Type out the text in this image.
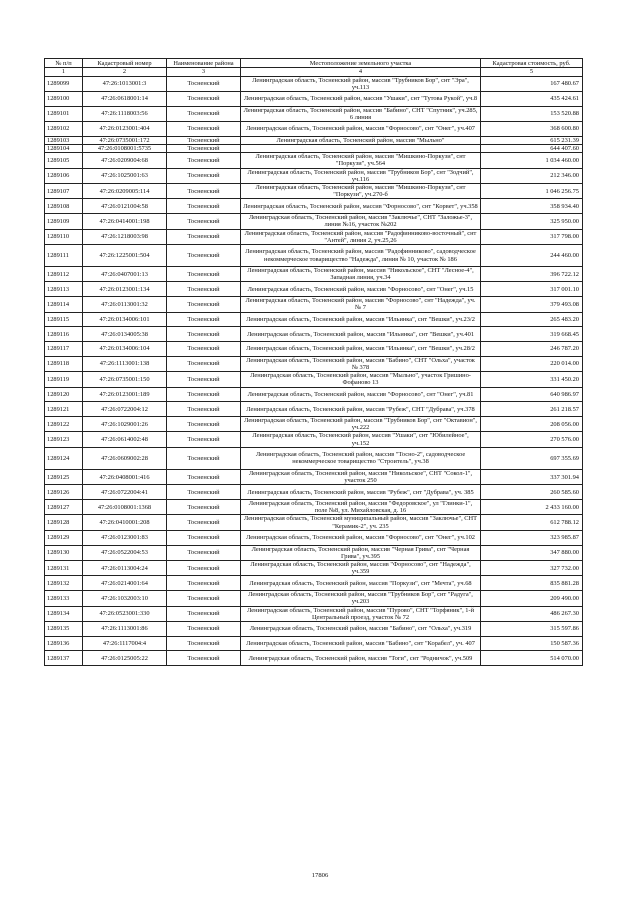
№ п/п	Кадастровый номер	Наименование района	Местоположение земельного участка	Кадастровая стоимость, руб.
1	2	3	4	5
1289099	47:26:1013001:3	Тосненский	Ленинградская область, Тосненский район, массив "Трубников Бор", снт "Эра", уч.113	167 480.67
1289100	47:26:0618001:14	Тосненский	Ленинградская область, Тосненский район, массив "Ушаки", снт "Тутова Рукой", уч.8	435 424.61
1289101	47:26:1118003:56	Тосненский	Ленинградская область, Тосненский район, массив "Бабино", СНТ "Спутник", уч.285, 6 линия	153 520.88
1289102	47:26:0123001:404	Тосненский	Ленинградская область, Тосненский район, массив "Форносово", снт "Онег", уч.407	368 600.80
1289103	47:26:0735001:172	Тосненский	Ленинградская область, Тосненский район, массив "Мыльно"	615 231.39
1289104	47:26:0108001:5735	Тосненский		644 407.60
1289105	47:26:0209004:68	Тосненский	Ленинградская область, Тосненский район, массив "Мишкино-Поркузи", снт "Поркузи", уч.564	1 034 460.00
1289106	47:26:1025001:63	Тосненский	Ленинградская область, Тосненский район, массив "Трубников Бор", снт "Зодчий", уч.116	212 346.00
1289107	47:26:0209005:114	Тосненский	Ленинградская область, Тосненский район, массив "Мишкино-Поркузи", снт "Поркузи", уч.270-б	1 046 256.75
1289108	47:26:0121004:58	Тосненский	Ленинградская область, Тосненский район, массив "Форносово", снт "Корвет", уч.358	358 934.40
1289109	47:26:0414001:198	Тосненский	Ленинградская область, Тосненский район, массив "Заключье", СНТ "Заложье-3", линия №16, участок №202	325 950.00
1289110	47:26:1218003:98	Тосненский	Ленинградская область, Тосненский район, массив "Радофинниково-восточный", снт "Антей", линия 2, уч.25,26	317 798.00
1289111	47:26:1225001:504	Тосненский	Ленинградская область, Тосненский район, массив "Радофинниково", садоводческое некоммерческое товарищество "Надежда", линия № 10, участок № 186	244 460.00
1289112	47:26:0407001:13	Тосненский	Ленинградская область, Тосненский район, массив "Никольское", СНТ "Лесное-4", Западная линия, уч.34	396 722.12
1289113	47:26:0123001:134	Тосненский	Ленинградская область, Тосненский район, массив "Форносово", снт "Онег", уч.15	317 001.10
1289114	47:26:0113001:32	Тосненский	Ленинградская область, Тосненский район, массив "Форносово", снт "Надежда", уч. № 7	379 493.08
1289115	47:26:0134006:101	Тосненский	Ленинградская область, Тосненский район, массив "Ильинка", снт "Вешки", уч.23/2	265 483.20
1289116	47:26:0134005:38	Тосненский	Ленинградская область, Тосненский район, массив "Ильинка", снт "Вешки", уч.401	319 668.45
1289117	47:26:0134006:104	Тосненский	Ленинградская область, Тосненский район, массив "Ильинка", снт "Вешки", уч.28/2	246 787.20
1289118	47:26:1113001:138	Тосненский	Ленинградская область, Тосненский район, массив "Бабино", СНТ "Ольха", участок № 378	220 014.00
1289119	47:26:0735001:150	Тосненский	Ленинградская область, Тосненский район, массив "Мыльно", участок Гришино-Фофаново 13	331 450.20
1289120	47:26:0123001:189	Тосненский	Ленинградская область, Тосненский район, массив "Форносово", снт "Онег", уч.81	640 986.97
1289121	47:26:0722004:12	Тосненский	Ленинградская область, Тосненский район, массив "Рубеж", СНТ "Дубрава", уч.378	261 218.57
1289122	47:26:1029001:26	Тосненский	Ленинградская область, Тосненский район, массив "Трубников Бор", снт "Октавион", уч.222	208 056.00
1289123	47:26:0614002:48	Тосненский	Ленинградская область, Тосненский район, массив "Ушаки", снт "Юбилейное", уч.152	270 576.00
1289124	47:26:0609002:28	Тосненский	Ленинградская область, Тосненский район, массив "Тосно-2", садоводческое некоммерческое товарищество "Строитель", уч.38	697 355.69
1289125	47:26:0408001:416	Тосненский	Ленинградская область, Тосненский район, массив "Никольское", СНТ "Сокол-1", участок 250	337 301.94
1289126	47:26:0722004:41	Тосненский	Ленинградская область, Тосненский район, массив "Рубеж", снт "Дубрава", уч. 385	260 585.60
1289127	47:26:0108001:1368	Тосненский	Ленинградская область, Тосненский район, массив "Федоровское", ул "Глинки-1", поле №8, ул. Михайловская, д. 16	2 433 160.00
1289128	47:26:0410001:208	Тосненский	Ленинградская область, Тосненский муниципальный район, массив "Заключье", СНТ "Керамик-2", уч. 235	612 788.12
1289129	47:26:0123001:83	Тосненский	Ленинградская область, Тосненский район, массив "Форносово", снт "Онег", уч.102	323 985.87
1289130	47:26:0522004:53	Тосненский	Ленинградская область, Тосненский район, массив "Черная Грива", снт "Черная Грива", уч.395	347 880.00
1289131	47:26:0113004:24	Тосненский	Ленинградская область, Тосненский район, массив "Форносово", снт "Надежда", уч.359	327 732.00
1289132	47:26:0214001:64	Тосненский	Ленинградская область, Тосненский район, массив "Поркузи", снт "Мечта", уч.68	835 881.28
1289133	47:26:1032003:10	Тосненский	Ленинградская область, Тосненский район, массив "Трубников Бор", снт "Радуга", уч.203	209 490.00
1289134	47:26:0523001:330	Тосненский	Ленинградская область, Тосненский район, массив "Пурово", СНТ "Торфяник", 1-й Центральный проезд, участок № 72	486 267.30
1289135	47:26:1113001:86	Тосненский	Ленинградская область, Тосненский район, массив "Бабино", снт "Ольха", уч.319	315 597.86
1289136	47:26:1117004:4	Тосненский	Ленинградская область, Тосненский район, массив "Бабино", снт "Корабел", уч. 407	150 587.36
1289137	47:26:0125005:22	Тосненский	Ленинградская область, Тосненский район, массив "Тоги", снт "Родничок", уч.509	514 070.00
17806
